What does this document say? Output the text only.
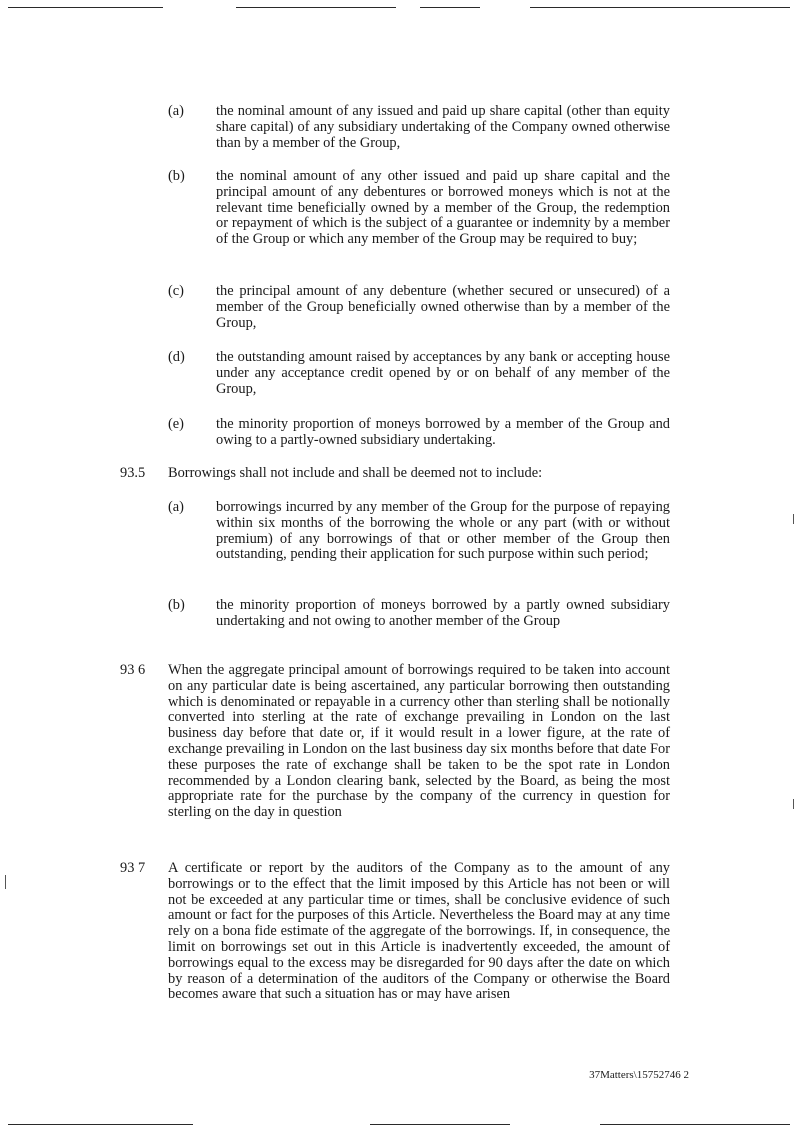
(a) the nominal amount of any issued and paid up share capital (other than equity share capital) of any subsidiary undertaking of the Company owned otherwise than by a member of the Group,
(b) the nominal amount of any other issued and paid up share capital and the principal amount of any debentures or borrowed moneys which is not at the relevant time beneficially owned by a member of the Group, the redemption or repayment of which is the subject of a guarantee or indemnity by a member of the Group or which any member of the Group may be required to buy;
(c) the principal amount of any debenture (whether secured or unsecured) of a member of the Group beneficially owned otherwise than by a member of the Group,
(d) the outstanding amount raised by acceptances by any bank or accepting house under any acceptance credit opened by or on behalf of any member of the Group,
(e) the minority proportion of moneys borrowed by a member of the Group and owing to a partly-owned subsidiary undertaking.
93.5 Borrowings shall not include and shall be deemed not to include:
(a) borrowings incurred by any member of the Group for the purpose of repaying within six months of the borrowing the whole or any part (with or without premium) of any borrowings of that or other member of the Group then outstanding, pending their application for such purpose within such period;
(b) the minority proportion of moneys borrowed by a partly owned subsidiary undertaking and not owing to another member of the Group
93 6 When the aggregate principal amount of borrowings required to be taken into account on any particular date is being ascertained, any particular borrowing then outstanding which is denominated or repayable in a currency other than sterling shall be notionally converted into sterling at the rate of exchange prevailing in London on the last business day before that date or, if it would result in a lower figure, at the rate of exchange prevailing in London on the last business day six months before that date For these purposes the rate of exchange shall be taken to be the spot rate in London recommended by a London clearing bank, selected by the Board, as being the most appropriate rate for the purchase by the company of the currency in question for sterling on the day in question
93 7 A certificate or report by the auditors of the Company as to the amount of any borrowings or to the effect that the limit imposed by this Article has not been or will not be exceeded at any particular time or times, shall be conclusive evidence of such amount or fact for the purposes of this Article. Nevertheless the Board may at any time rely on a bona fide estimate of the aggregate of the borrowings. If, in consequence, the limit on borrowings set out in this Article is inadvertently exceeded, the amount of borrowings equal to the excess may be disregarded for 90 days after the date on which by reason of a determination of the auditors of the Company or otherwise the Board becomes aware that such a situation has or may have arisen
37Matters\15752746 2
